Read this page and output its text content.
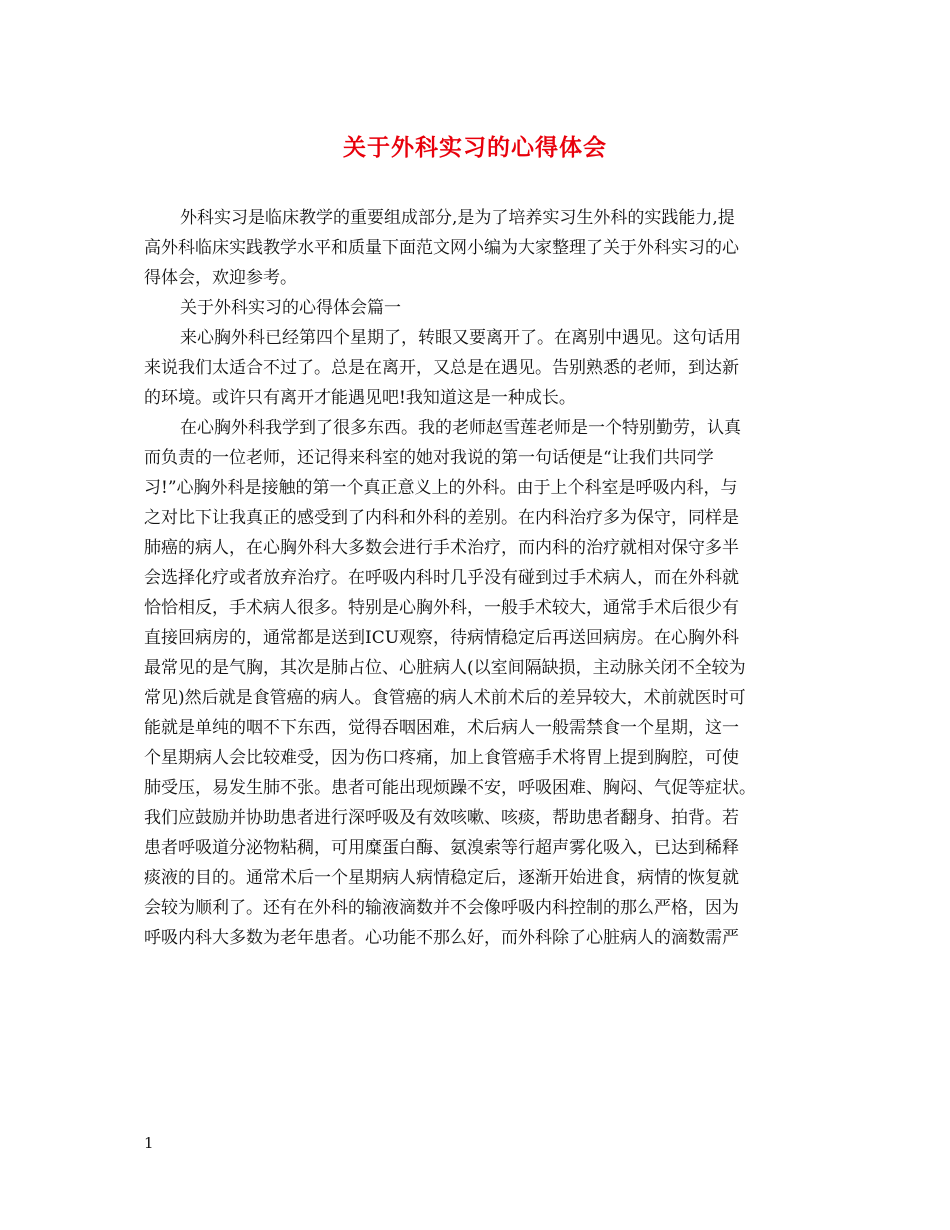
关于外科实习的心得体会
外科实习是临床教学的重要组成部分,是为了培养实习生外科的实践能力,提
高外科临床实践教学水平和质量下面范文网小编为大家整理了关于外科实习的心
得体会，欢迎参考。
关于外科实习的心得体会篇一
来心胸外科已经第四个星期了，转眼又要离开了。在离别中遇见。这句话用
来说我们太适合不过了。总是在离开，又总是在遇见。告别熟悉的老师，到达新
的环境。或许只有离开才能遇见吧!我知道这是一种成长。
在心胸外科我学到了很多东西。我的老师赵雪莲老师是一个特别勤劳，认真
而负责的一位老师，还记得来科室的她对我说的第一句话便是“让我们共同学
习!”心胸外科是接触的第一个真正意义上的外科。由于上个科室是呼吸内科，与
之对比下让我真正的感受到了内科和外科的差别。在内科治疗多为保守，同样是
肺癌的病人，在心胸外科大多数会进行手术治疗，而内科的治疗就相对保守多半
会选择化疗或者放弃治疗。在呼吸内科时几乎没有碰到过手术病人，而在外科就
恰恰相反，手术病人很多。特别是心胸外科，一般手术较大，通常手术后很少有
直接回病房的，通常都是送到ICU观察，待病情稳定后再送回病房。在心胸外科
最常见的是气胸，其次是肺占位、心脏病人(以室间隔缺损，主动脉关闭不全较为
常见)然后就是食管癌的病人。食管癌的病人术前术后的差异较大，术前就医时可
能就是单纯的咽不下东西，觉得吞咽困难，术后病人一般需禁食一个星期，这一
个星期病人会比较难受，因为伤口疼痛，加上食管癌手术将胃上提到胸腔，可使
肺受压，易发生肺不张。患者可能出现烦躁不安，呼吸困难、胸闷、气促等症状。
我们应鼓励并协助患者进行深呼吸及有效咳嗽、咳痰，帮助患者翻身、拍背。若
患者呼吸道分泌物粘稠，可用糜蛋白酶、氨溴索等行超声雾化吸入，已达到稀释
痰液的目的。通常术后一个星期病人病情稳定后，逐渐开始进食，病情的恢复就
会较为顺利了。还有在外科的输液滴数并不会像呼吸内科控制的那么严格，因为
呼吸内科大多数为老年患者。心功能不那么好，而外科除了心脏病人的滴数需严
1
